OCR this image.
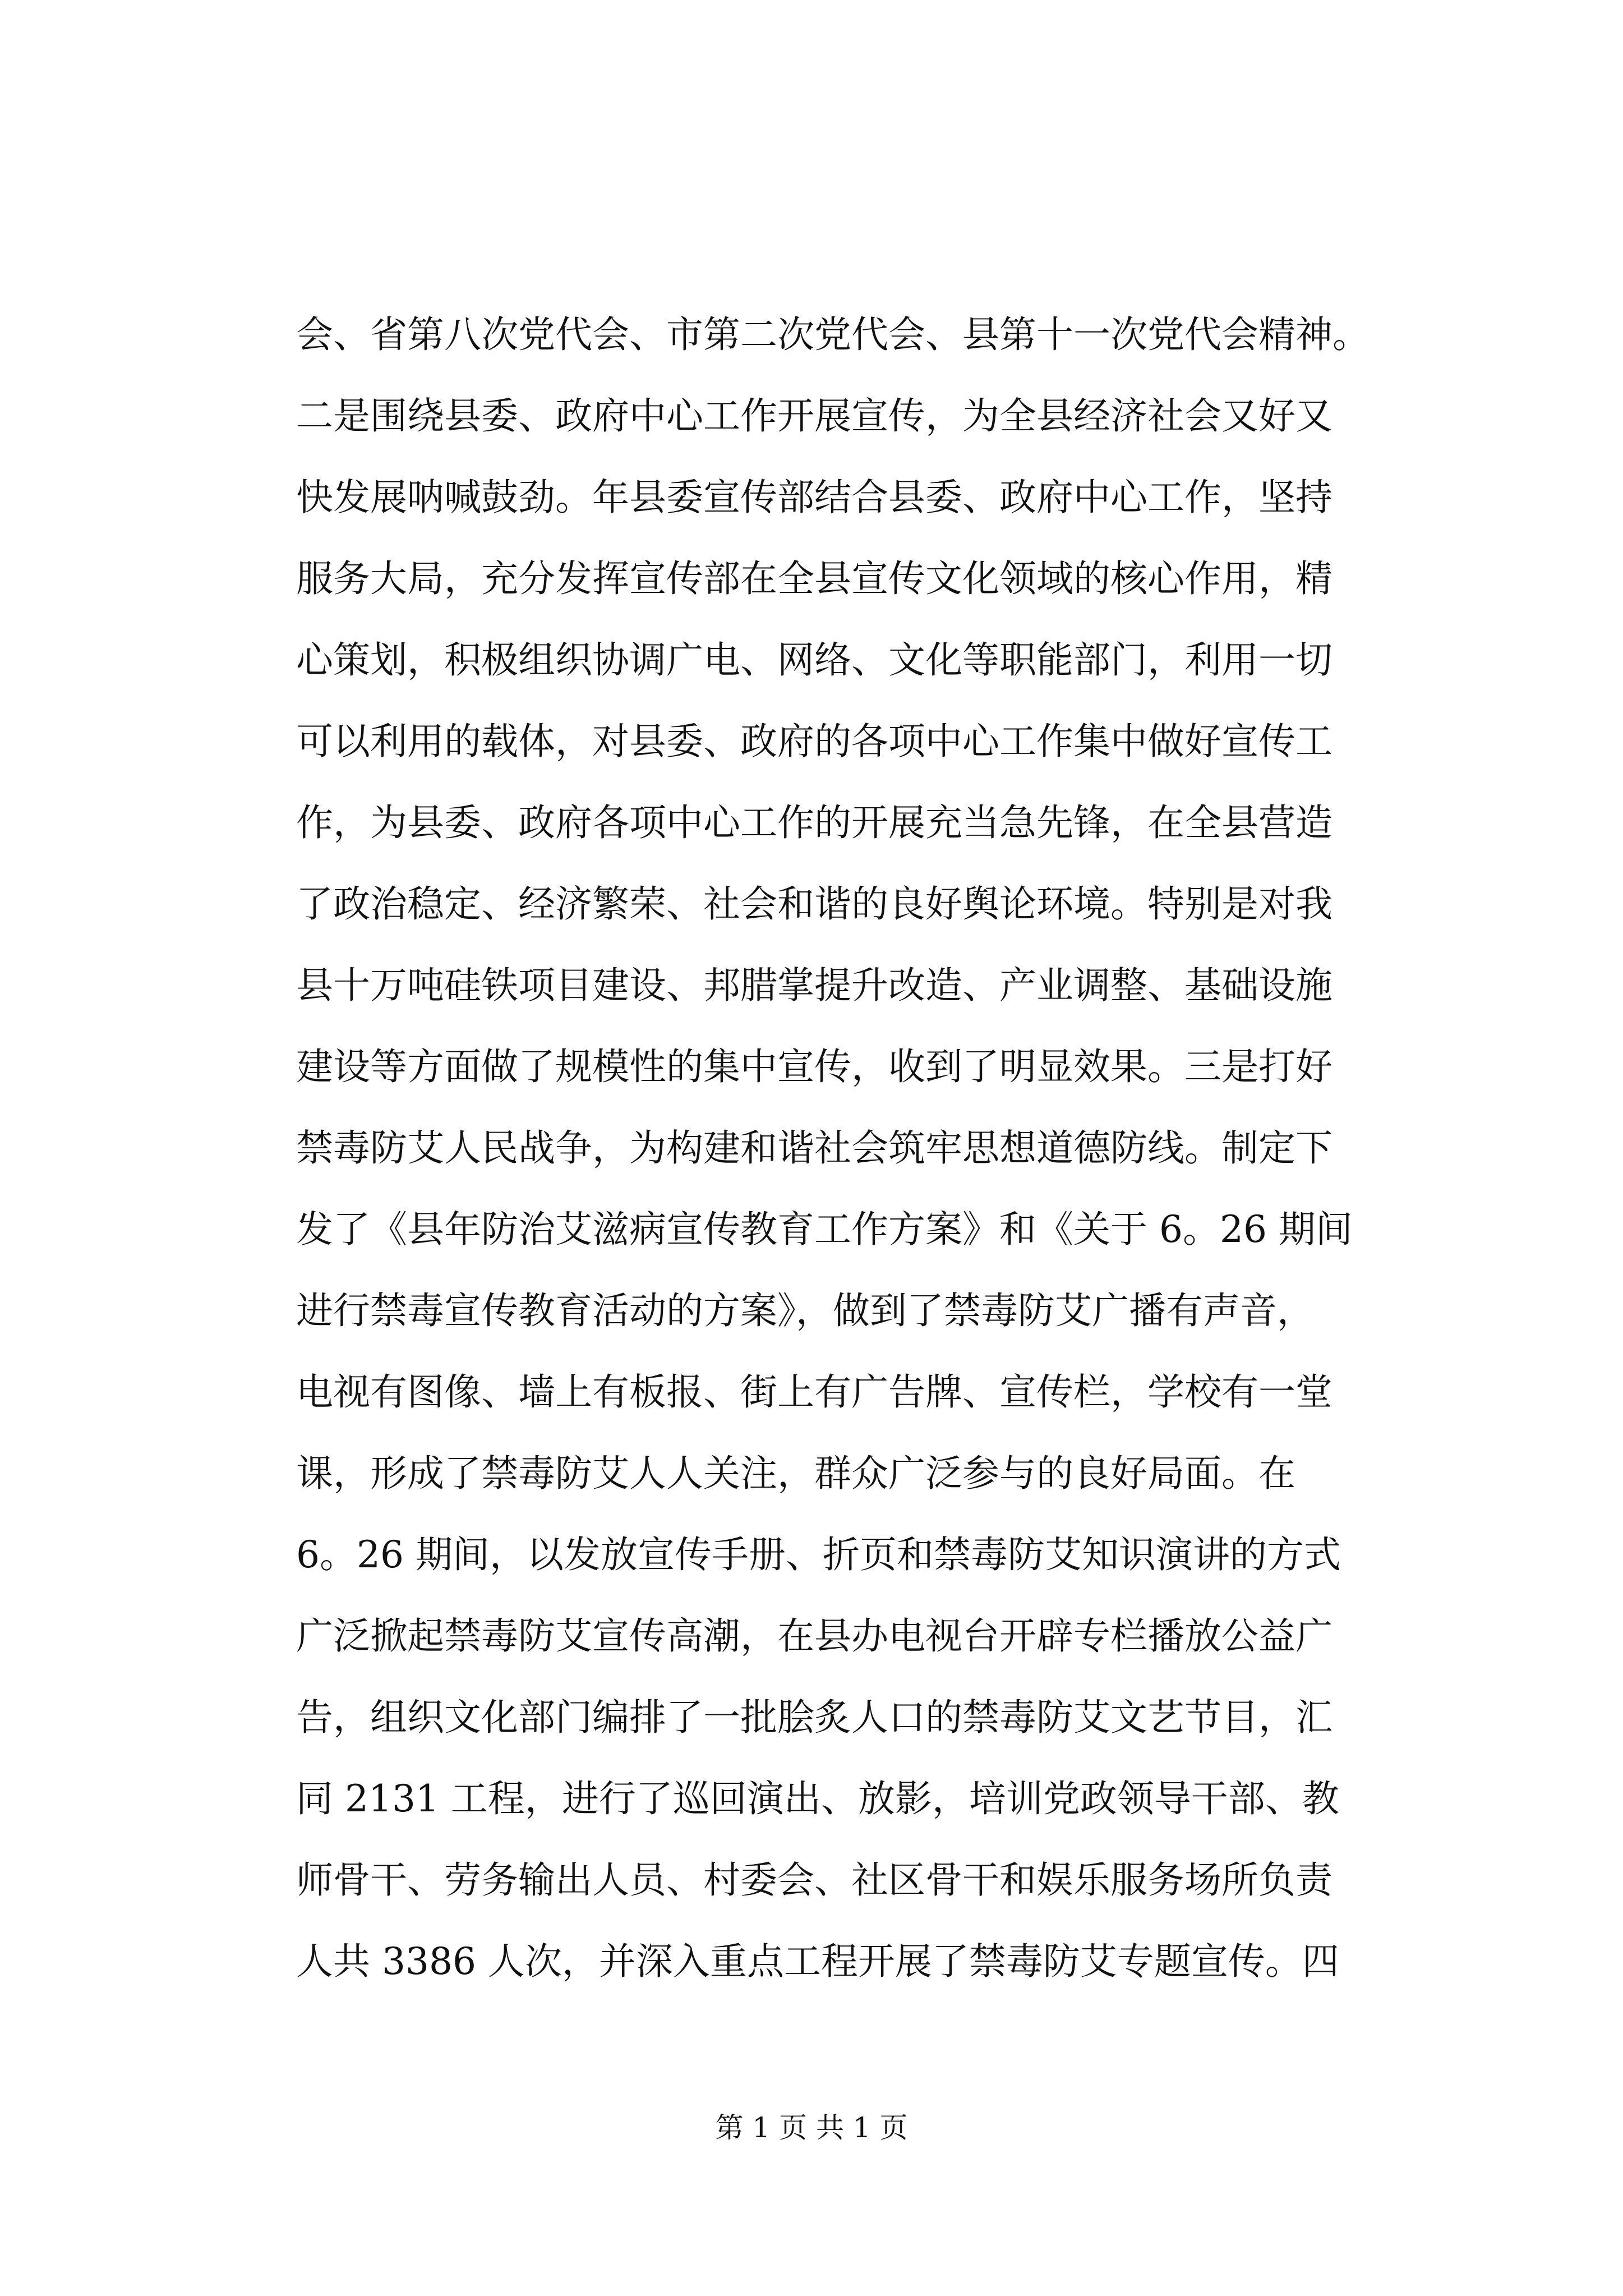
会、省第八次党代会、市第二次党代会、县第十一次党代会精神。
二是围绕县委、政府中心工作开展宣传，为全县经济社会又好又
快发展呐喊鼓劲。年县委宣传部结合县委、政府中心工作，坚持
服务大局，充分发挥宣传部在全县宣传文化领域的核心作用，精
心策划，积极组织协调广电、网络、文化等职能部门，利用一切
可以利用的载体，对县委、政府的各项中心工作集中做好宣传工
作，为县委、政府各项中心工作的开展充当急先锋，在全县营造
了政治稳定、经济繁荣、社会和谐的良好舆论环境。特别是对我
县十万吨硅铁项目建设、邦腊掌提升改造、产业调整、基础设施
建设等方面做了规模性的集中宣传，收到了明显效果。三是打好
禁毒防艾人民战争，为构建和谐社会筑牢思想道德防线。制定下
发了《县年防治艾滋病宣传教育工作方案》和《关于 6。26 期间
进行禁毒宣传教育活动的方案》，做到了禁毒防艾广播有声音，
电视有图像、墙上有板报、街上有广告牌、宣传栏，学校有一堂
课，形成了禁毒防艾人人关注，群众广泛参与的良好局面。在
6。26 期间，以发放宣传手册、折页和禁毒防艾知识演讲的方式
广泛掀起禁毒防艾宣传高潮，在县办电视台开辟专栏播放公益广
告，组织文化部门编排了一批脍炙人口的禁毒防艾文艺节目，汇
同 2131 工程，进行了巡回演出、放影，培训党政领导干部、教
师骨干、劳务输出人员、村委会、社区骨干和娱乐服务场所负责
人共 3386 人次，并深入重点工程开展了禁毒防艾专题宣传。四
第 1 页 共 1 页
